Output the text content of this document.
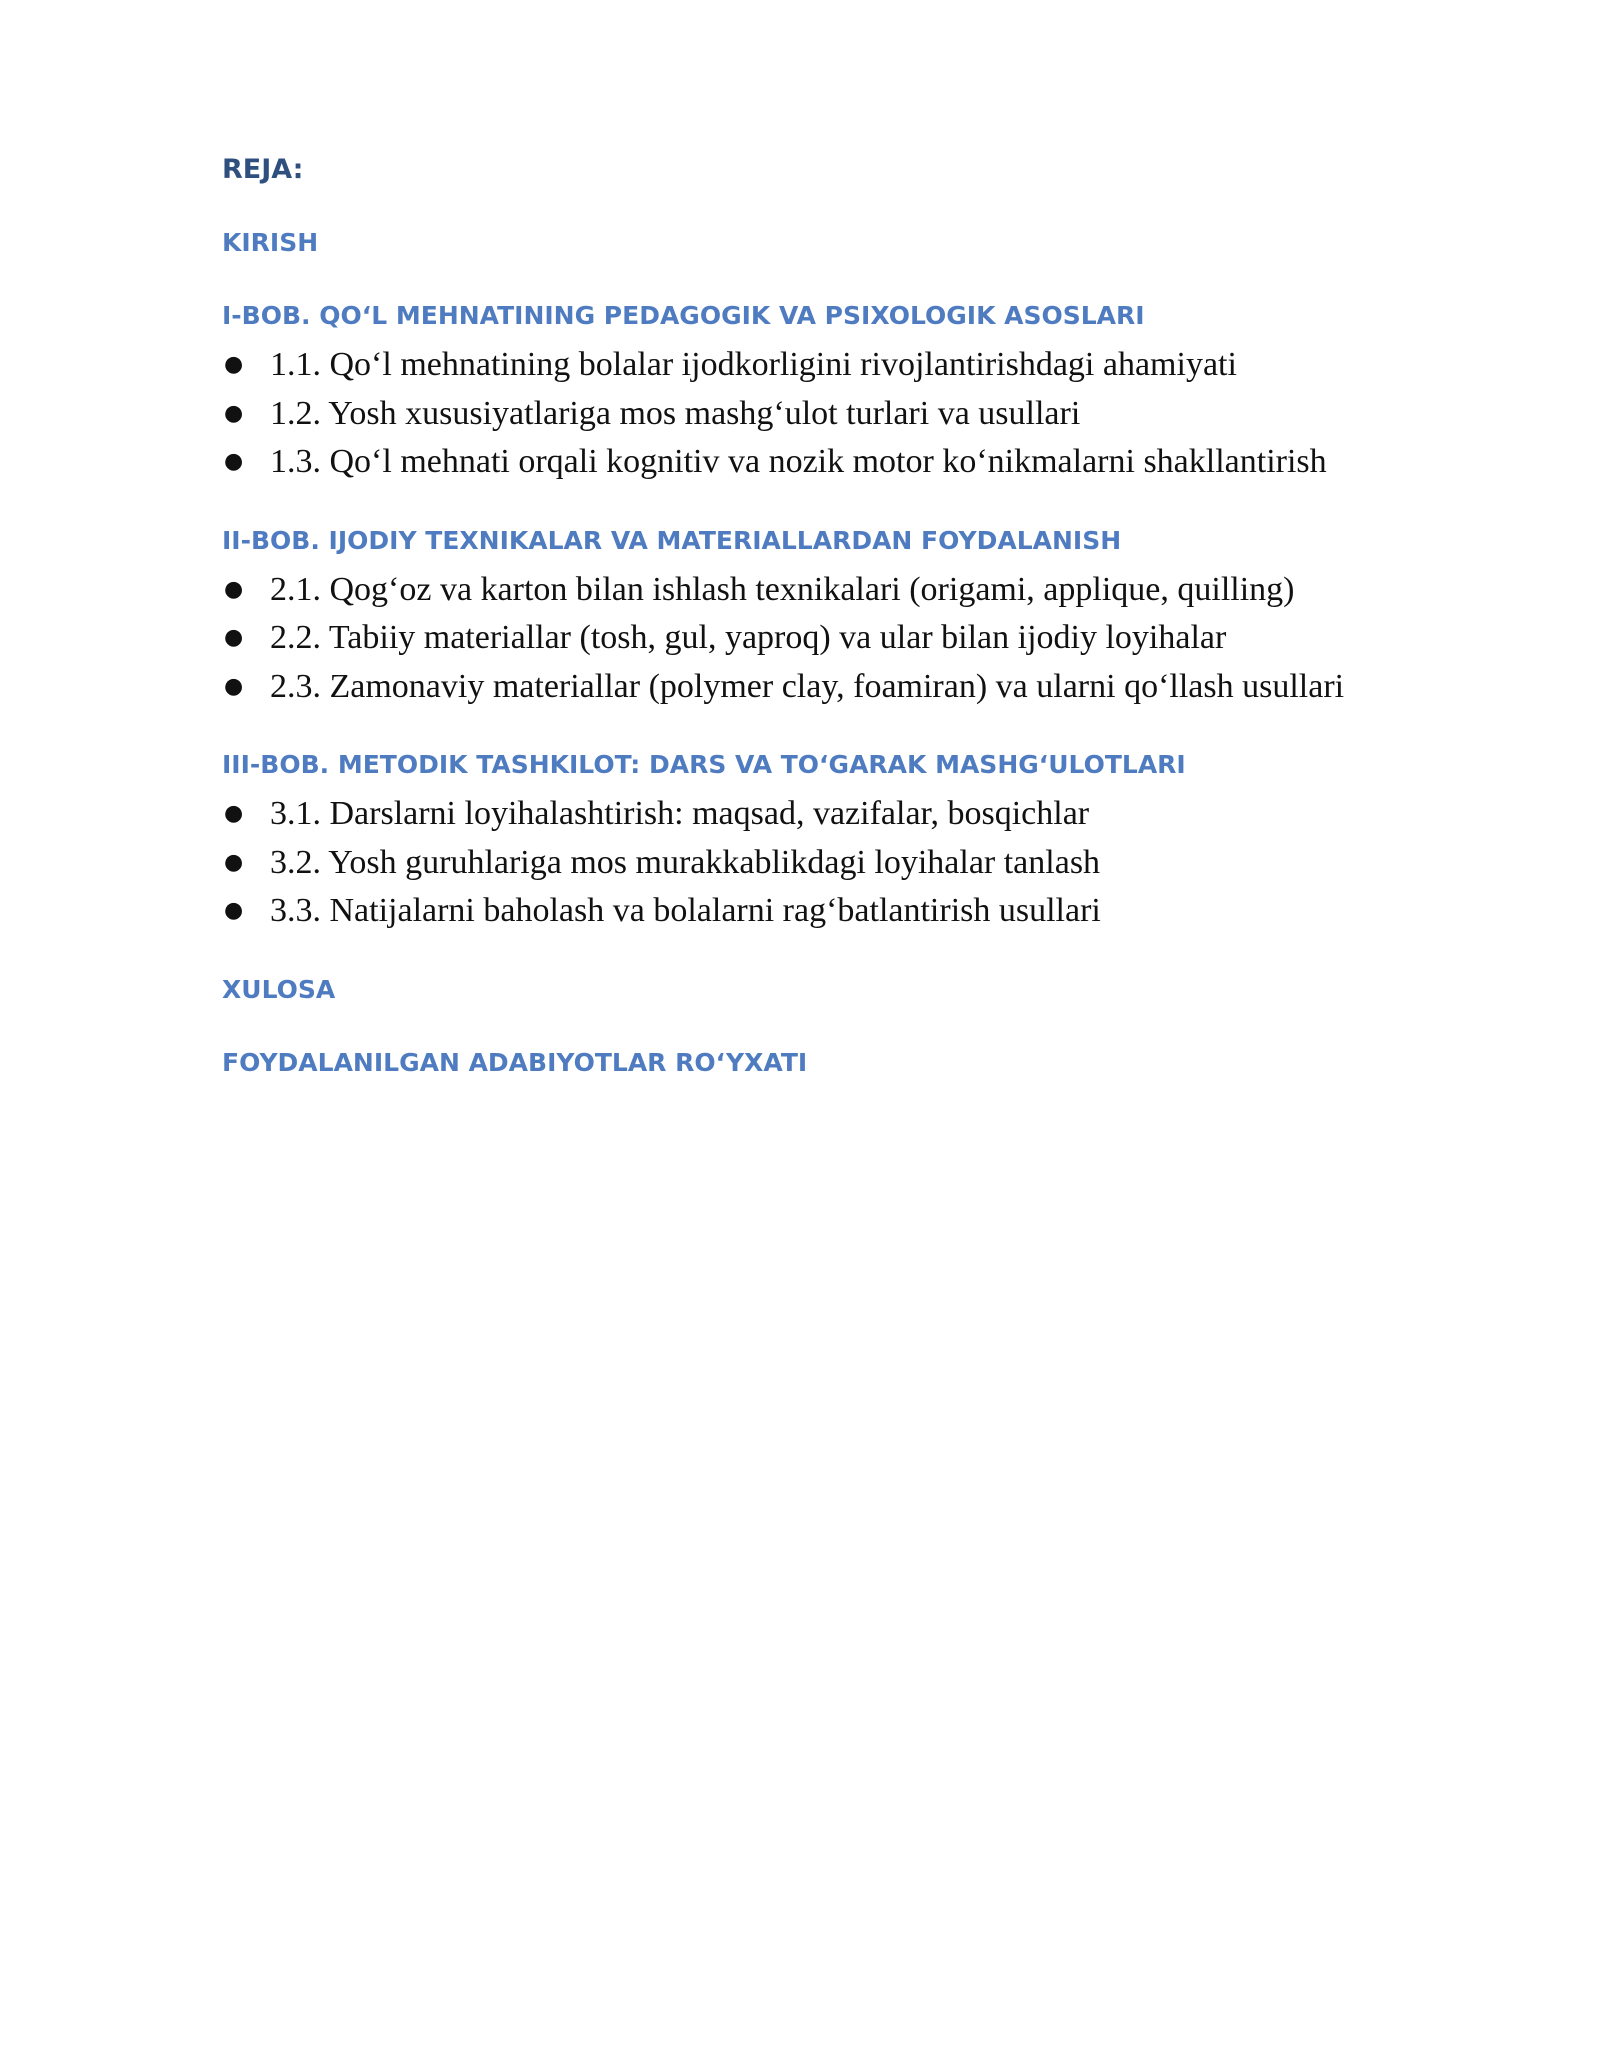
REJA:
KIRISH
I-BOB. QO‘L MEHNATINING PEDAGOGIK VA PSIXOLOGIK ASOSLARI
● 1.1. Qo‘l mehnatining bolalar ijodkorligini rivojlantirishdagi ahamiyati
● 1.2. Yosh xususiyatlariga mos mashg‘ulot turlari va usullari
● 1.3. Qo‘l mehnati orqali kognitiv va nozik motor ko‘nikmalarni shakllantirish
II-BOB. IJODIY TEXNIKALAR VA MATERIALLARDAN FOYDALANISH
● 2.1. Qog‘oz va karton bilan ishlash texnikalari (origami, applique, quilling)
● 2.2. Tabiiy materiallar (tosh, gul, yaproq) va ular bilan ijodiy loyihalar
● 2.3. Zamonaviy materiallar (polymer clay, foamiran) va ularni qo‘llash usullari
III-BOB. METODIK TASHKILOT: DARS VA TO‘GARAK MASHG‘ULOTLARI
● 3.1. Darslarni loyihalashtirish: maqsad, vazifalar, bosqichlar
● 3.2. Yosh guruhlariga mos murakkablikdagi loyihalar tanlash
● 3.3. Natijalarni baholash va bolalarni rag‘batlantirish usullari
XULOSA
FOYDALANILGAN ADABIYOTLAR RO‘YXATI
